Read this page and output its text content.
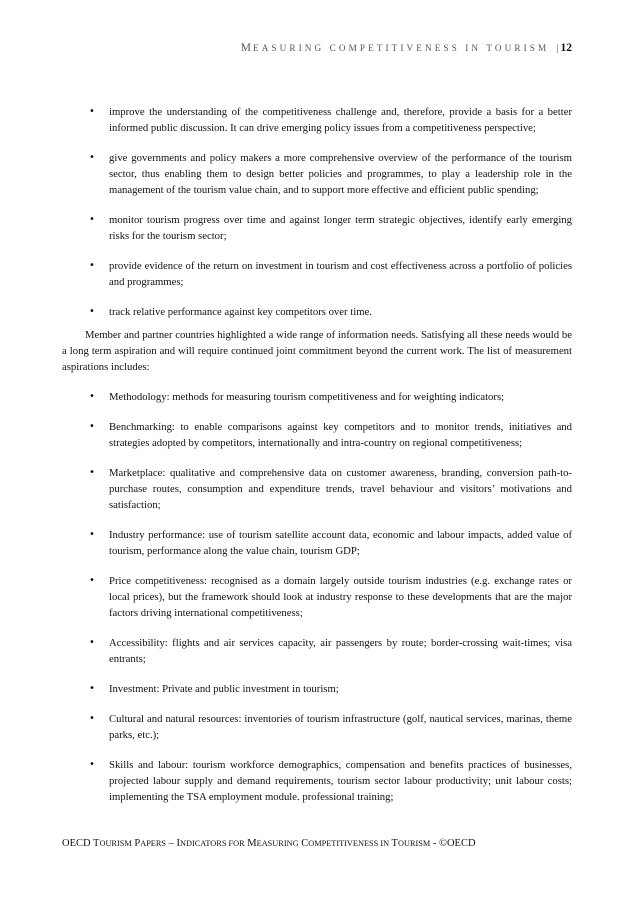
MEASURING COMPETITIVENESS IN TOURISM | 12
• improve the understanding of the competitiveness challenge and, therefore, provide a basis for a better informed public discussion. It can drive emerging policy issues from a competitiveness perspective;
• give governments and policy makers a more comprehensive overview of the performance of the tourism sector, thus enabling them to design better policies and programmes, to play a leadership role in the management of the tourism value chain, and to support more effective and efficient public spending;
• monitor tourism progress over time and against longer term strategic objectives, identify early emerging risks for the tourism sector;
• provide evidence of the return on investment in tourism and cost effectiveness across a portfolio of policies and programmes;
• track relative performance against key competitors over time.

Member and partner countries highlighted a wide range of information needs. Satisfying all these needs would be a long term aspiration and will require continued joint commitment beyond the current work. The list of measurement aspirations includes:

• Methodology: methods for measuring tourism competitiveness and for weighting indicators;
• Benchmarking: to enable comparisons against key competitors and to monitor trends, initiatives and strategies adopted by competitors, internationally and intra-country on regional competitiveness;
• Marketplace: qualitative and comprehensive data on customer awareness, branding, conversion path-to-purchase routes, consumption and expenditure trends, travel behaviour and visitors’ motivations and satisfaction;
• Industry performance: use of tourism satellite account data, economic and labour impacts, added value of tourism, performance along the value chain, tourism GDP;
• Price competitiveness: recognised as a domain largely outside tourism industries (e.g. exchange rates or local prices), but the framework should look at industry response to these developments that are the major factors driving international competitiveness;
• Accessibility: flights and air services capacity, air passengers by route; border-crossing wait-times; visa entrants;
• Investment: Private and public investment in tourism;
• Cultural and natural resources: inventories of tourism infrastructure (golf, nautical services, marinas, theme parks, etc.);
• Skills and labour: tourism workforce demographics, compensation and benefits practices of businesses, projected labour supply and demand requirements, tourism sector labour productivity; unit labour costs; implementing the TSA employment module. professional training;
OECD TOURISM PAPERS – INDICATORS FOR MEASURING COMPETITIVENESS IN TOURISM - ©OECD
